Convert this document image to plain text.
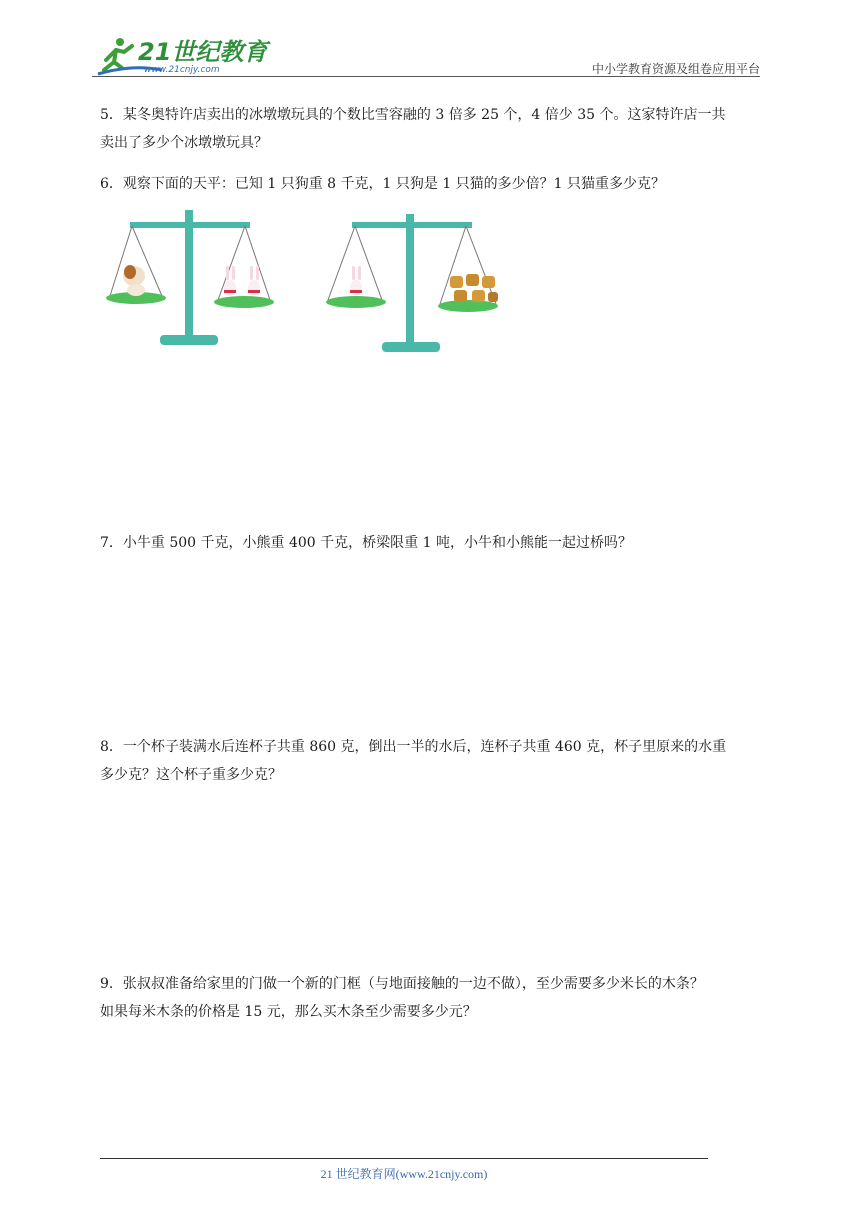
21世纪教育
www.21cnjy.com	中小学教育资源及组卷应用平台

5．某冬奥特许店卖出的冰墩墩玩具的个数比雪容融的 3 倍多 25 个，4 倍少 35 个。这家特许店一共

卖出了多少个冰墩墩玩具？

6．观察下面的天平：已知 1 只狗重 8 千克，1 只狗是 1 只猫的多少倍？1 只猫重多少克？

7．小牛重 500 千克，小熊重 400 千克，桥梁限重 1 吨，小牛和小熊能一起过桥吗？

8．一个杯子装满水后连杯子共重 860 克，倒出一半的水后，连杯子共重 460 克，杯子里原来的水重

多少克？这个杯子重多少克？

9．张叔叔准备给家里的门做一个新的门框（与地面接触的一边不做），至少需要多少米长的木条？

如果每米木条的价格是 15 元，那么买木条至少需要多少元？

21 世纪教育网(www.21cnjy.com)
